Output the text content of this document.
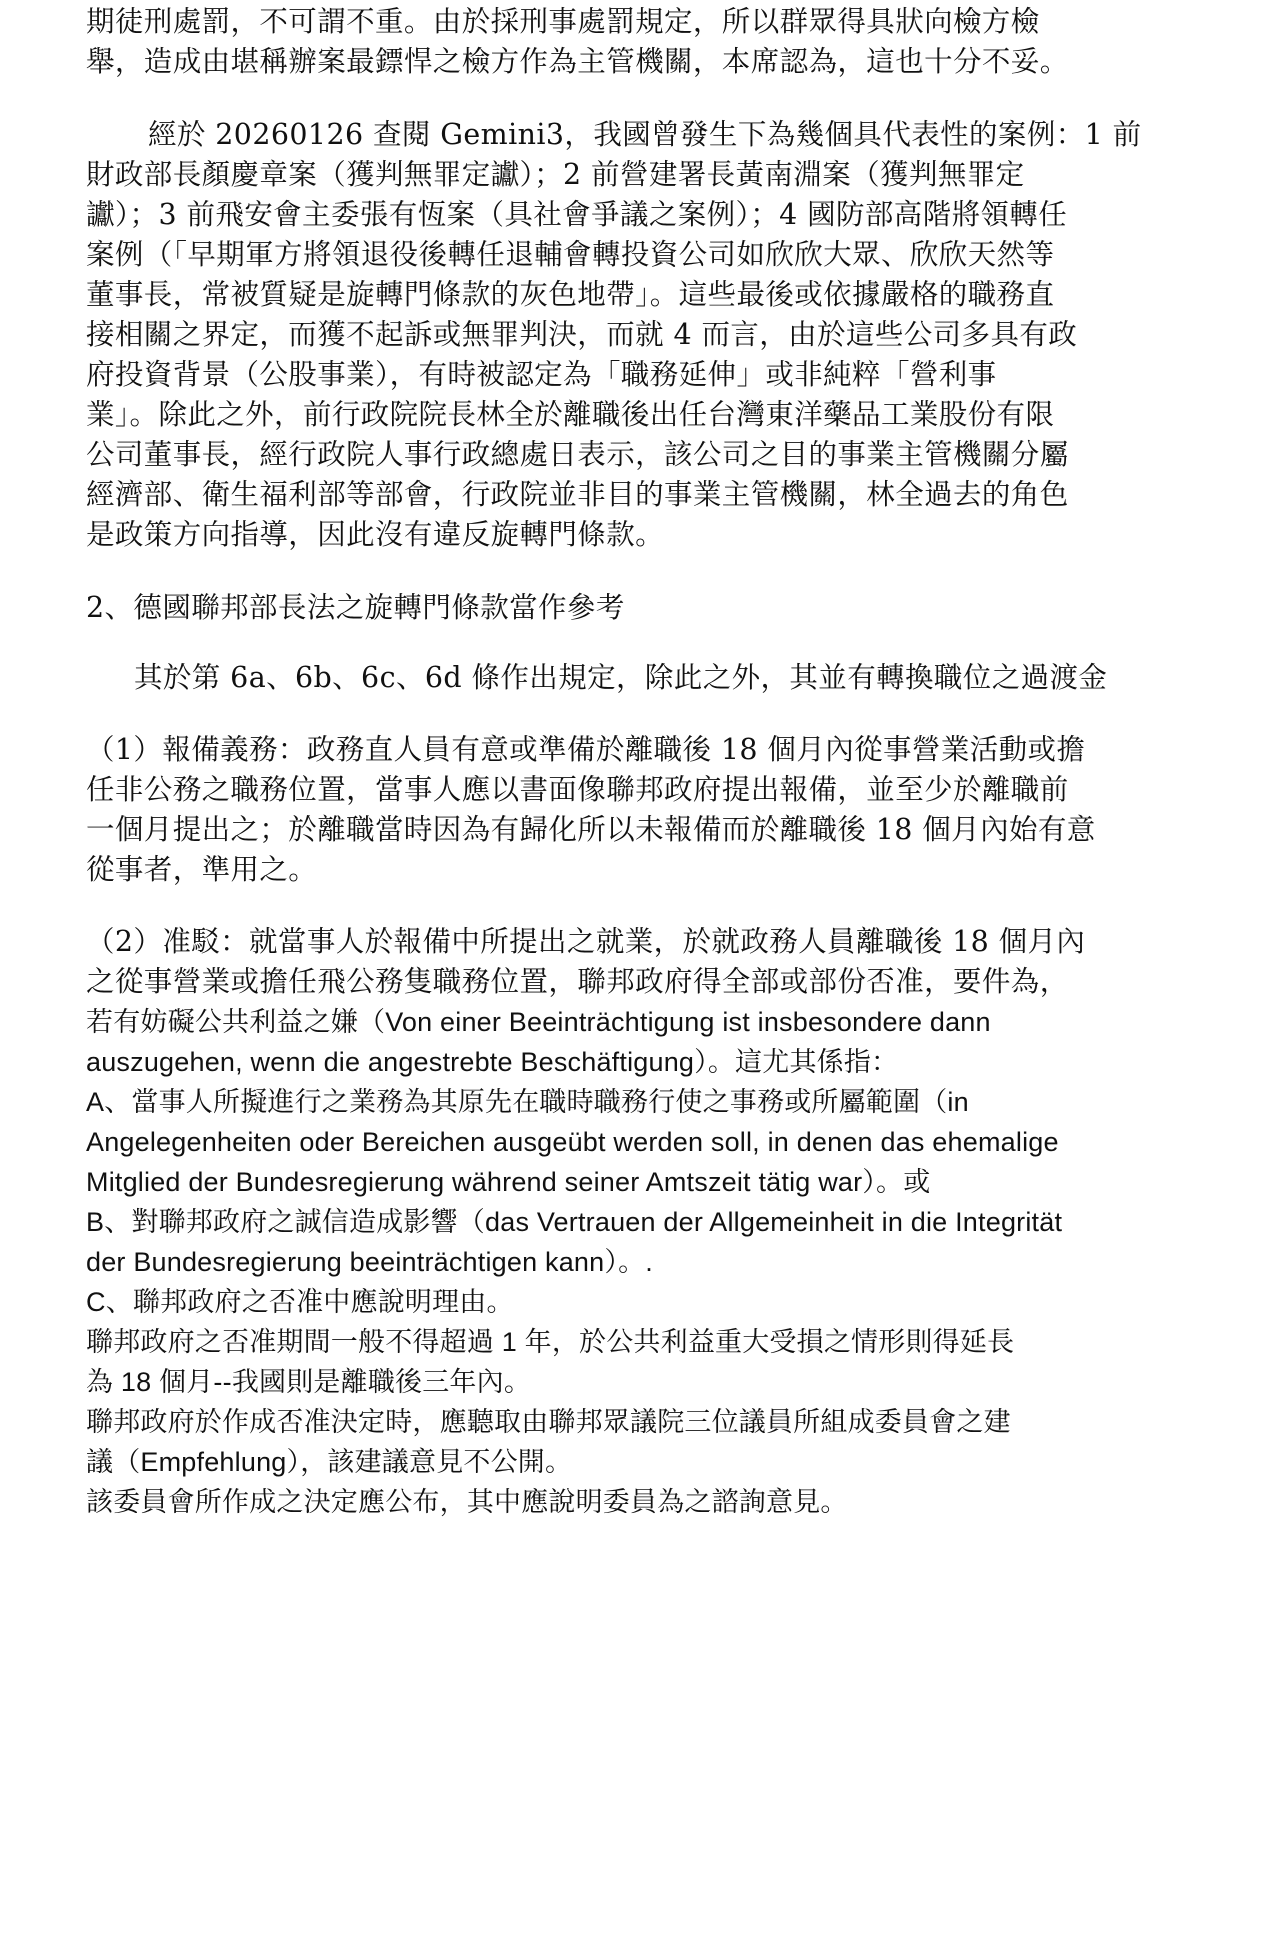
期徒刑處罰，不可謂不重。由於採刑事處罰規定，所以群眾得具狀向檢方檢
舉，造成由堪稱辦案最鏢悍之檢方作為主管機關，本席認為，這也十分不妥。
經於 20260126 查閱 Gemini3，我國曾發生下為幾個具代表性的案例：1 前
財政部長顏慶章案（獲判無罪定讞）；2 前營建署長黃南淵案（獲判無罪定
讞）；3 前飛安會主委張有恆案（具社會爭議之案例）；4 國防部高階將領轉任
案例（「早期軍方將領退役後轉任退輔會轉投資公司如欣欣大眾、欣欣天然等
董事長，常被質疑是旋轉門條款的灰色地帶」。這些最後或依據嚴格的職務直
接相關之界定，而獲不起訴或無罪判決，而就 4 而言，由於這些公司多具有政
府投資背景（公股事業），有時被認定為「職務延伸」或非純粹「營利事
業」。除此之外，前行政院院長林全於離職後出任台灣東洋藥品工業股份有限
公司董事長，經行政院人事行政總處日表示，該公司之目的事業主管機關分屬
經濟部、衛生福利部等部會，行政院並非目的事業主管機關，林全過去的角色
是政策方向指導，因此沒有違反旋轉門條款。
2、德國聯邦部長法之旋轉門條款當作參考
其於第 6a、6b、6c、6d 條作出規定，除此之外，其並有轉換職位之過渡金
（1）報備義務：政務直人員有意或準備於離職後 18 個月內從事營業活動或擔
任非公務之職務位置，當事人應以書面像聯邦政府提出報備，並至少於離職前
一個月提出之；於離職當時因為有歸化所以未報備而於離職後 18 個月內始有意
從事者，準用之。
（2）准駁：就當事人於報備中所提出之就業，於就政務人員離職後 18 個月內
之從事營業或擔任飛公務隻職務位置，聯邦政府得全部或部份否准，要件為，
若有妨礙公共利益之嫌（Von einer Beeinträchtigung ist insbesondere dann
auszugehen, wenn die angestrebte Beschäftigung）。這尤其係指：
A、當事人所擬進行之業務為其原先在職時職務行使之事務或所屬範圍（in
Angelegenheiten oder Bereichen ausgeübt werden soll, in denen das ehemalige
Mitglied der Bundesregierung während seiner Amtszeit tätig war）。或
B、對聯邦政府之誠信造成影響（das Vertrauen der Allgemeinheit in die Integrität
der Bundesregierung beeinträchtigen kann）。.
C、聯邦政府之否准中應說明理由。
聯邦政府之否准期間一般不得超過 1 年，於公共利益重大受損之情形則得延長
為 18 個月--我國則是離職後三年內。
聯邦政府於作成否准決定時，應聽取由聯邦眾議院三位議員所組成委員會之建
議（Empfehlung），該建議意見不公開。
該委員會所作成之決定應公布，其中應說明委員為之諮詢意見。
